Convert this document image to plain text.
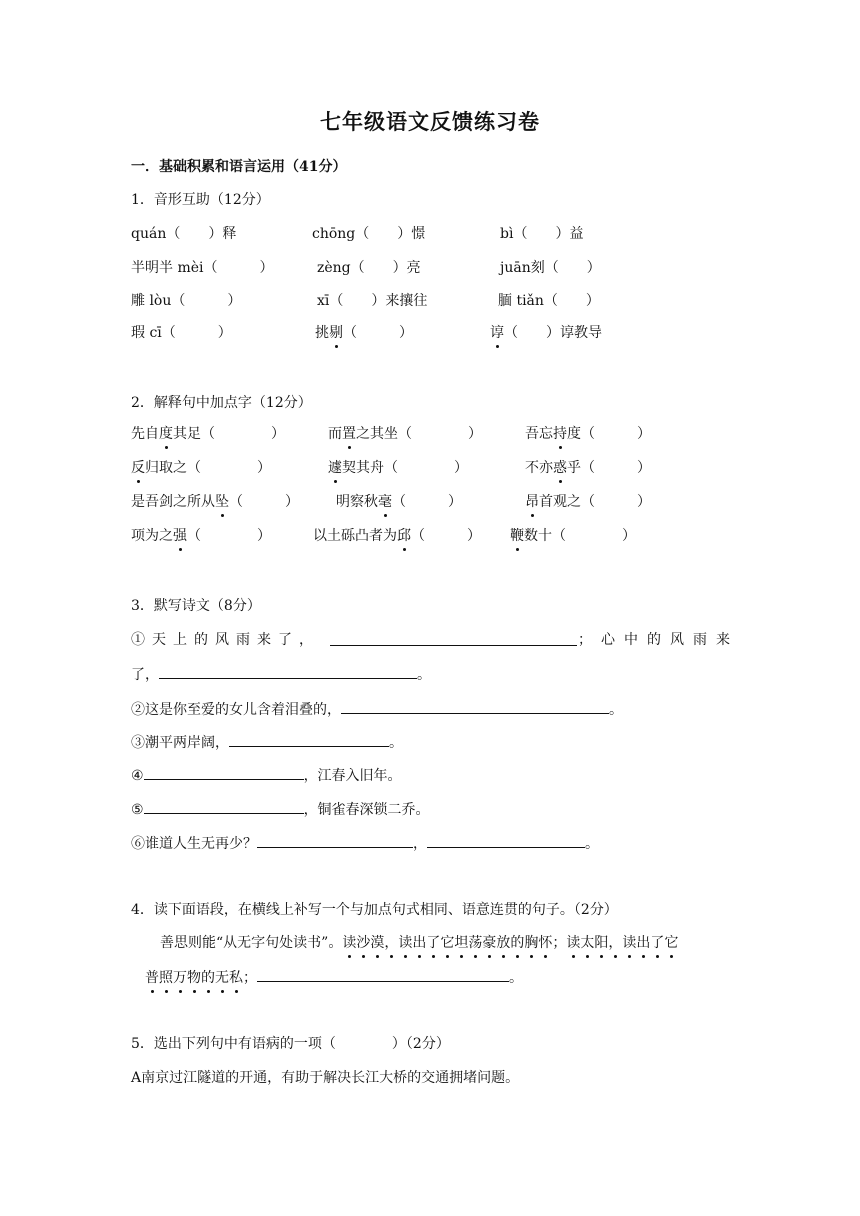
七年级语文反馈练习卷
一．基础积累和语言运用（41分）
1．音形互助（12分）
quán（　　）释	chōng（　　）憬	bì（　　）益
半明半 mèi（　　　）	zèng（　　）亮	juān刻（　　）
雕 lòu（　　　）	xī（　　）来攘往	腼 tiǎn（　　）
瑕 cī（　　　）	挑剔（　　　）	谆（　　）谆教导
2．解释句中加点字（12分）
先自度其足（　　　　）	而置之其坐（　　　　）	吾忘持度（　　　）
反归取之（　　　　）	遽契其舟（　　　　）	不亦惑乎（　　　）
是吾剑之所从坠（　　　）	明察秋毫（　　　）	昂首观之（　　　）
项为之强（　　　　）	以土砾凸者为邱（　　　） 鞭数十（　　　　）
3．默写诗文（8分）
①天上的风雨来了，	；心中的风雨来
了，	。
②这是你至爱的女儿含着泪叠的，	。
③潮平两岸阔，	。
④	，江春入旧年。
⑤	，铜雀春深锁二乔。
⑥谁道人生无再少？	，	。
4．读下面语段，在横线上补写一个与加点句式相同、语意连贯的句子。（2分）
善思则能“从无字句处读书”。读沙漠，读出了它坦荡豪放的胸怀；读太阳，读出了它
普照万物的无私；	。
5．选出下列句中有语病的一项（　　　　）（2分）
A南京过江隧道的开通，有助于解决长江大桥的交通拥堵问题。
